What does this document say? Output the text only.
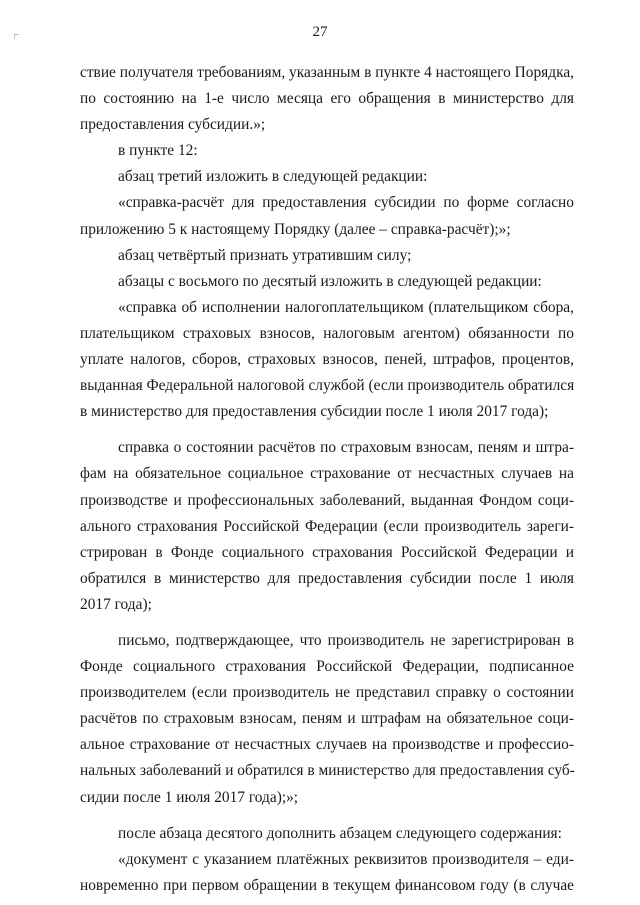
27
ствие получателя требованиям, указанным в пункте 4 настоящего Порядка,
по состоянию на 1-е число месяца его обращения в министерство для
предоставления субсидии.»;
в пункте 12:
абзац третий изложить в следующей редакции:
«справка-расчёт для предоставления субсидии по форме согласно
приложению 5 к настоящему Порядку (далее – справка-расчёт);»;
абзац четвёртый признать утратившим силу;
абзацы с восьмого по десятый изложить в следующей редакции:
«справка об исполнении налогоплательщиком (плательщиком сбора,
плательщиком страховых взносов, налоговым агентом) обязанности по
уплате налогов, сборов, страховых взносов, пеней, штрафов, процентов,
выданная Федеральной налоговой службой (если производитель обратился
в министерство для предоставления субсидии после 1 июля 2017 года);
справка о состоянии расчётов по страховым взносам, пеням и штра-
фам на обязательное социальное страхование от несчастных случаев на
производстве и профессиональных заболеваний, выданная Фондом соци-
ального страхования Российской Федерации (если производитель зареги-
стрирован в Фонде социального страхования Российской Федерации и
обратился в министерство для предоставления субсидии после 1 июля
2017 года);
письмо, подтверждающее, что производитель не зарегистрирован в
Фонде социального страхования Российской Федерации, подписанное
производителем (если производитель не представил справку о состоянии
расчётов по страховым взносам, пеням и штрафам на обязательное соци-
альное страхование от несчастных случаев на производстве и профессио-
нальных заболеваний и обратился в министерство для предоставления суб-
сидии после 1 июля 2017 года);»;
после абзаца десятого дополнить абзацем следующего содержания:
«документ с указанием платёжных реквизитов производителя – еди-
новременно при первом обращении в текущем финансовом году (в случае
